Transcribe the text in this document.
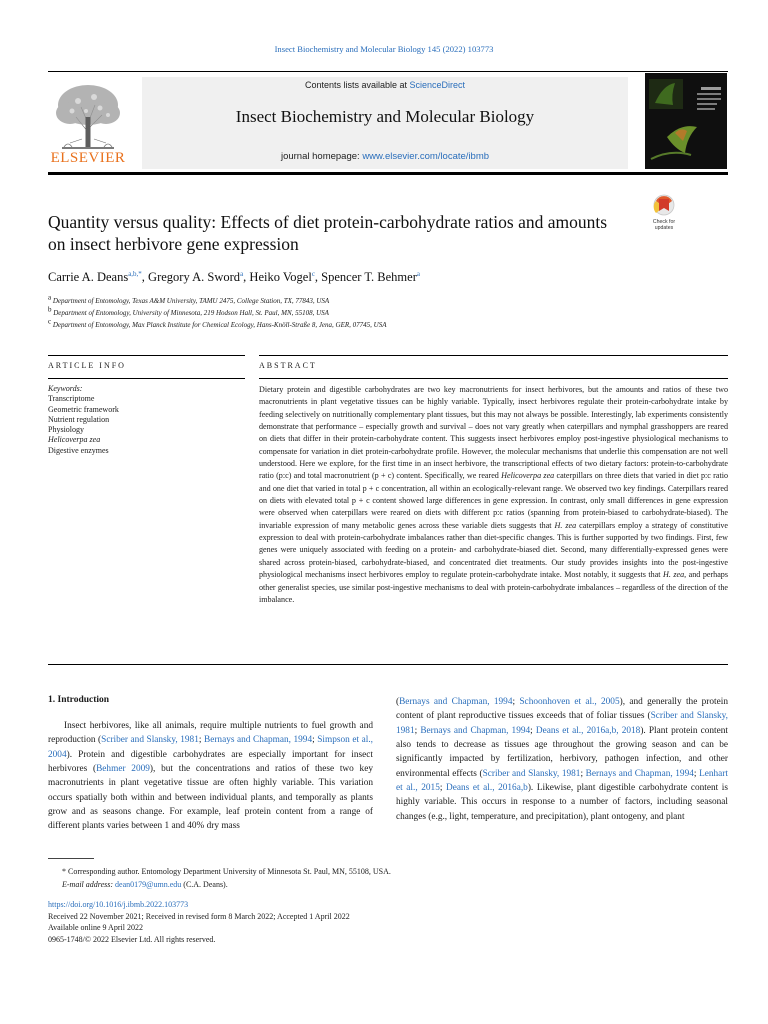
Insect Biochemistry and Molecular Biology 145 (2022) 103773
ELSEVIER
Contents lists available at ScienceDirect
Insect Biochemistry and Molecular Biology
journal homepage: www.elsevier.com/locate/ibmb
Quantity versus quality: Effects of diet protein-carbohydrate ratios and amounts on insect herbivore gene expression
Check for
updates
Carrie A. Deans$^{a,b,*}$, Gregory A. Sword$^a$, Heiko Vogel$^c$, Spencer T. Behmer$^a$
$^a$ Department of Entomology, Texas A&M University, TAMU 2475, College Station, TX, 77843, USA
$^b$ Department of Entomology, University of Minnesota, 219 Hodson Hall, St. Paul, MN, 55108, USA
$^c$ Department of Entomology, Max Planck Institute for Chemical Ecology, Hans-Knöll-Straße 8, Jena, GER, 07745, USA
ARTICLE INFO	ABSTRACT
Keywords:
Transcriptome
Geometric framework
Nutrient regulation
Physiology
Helicoverpa zea
Digestive enzymes
Dietary protein and digestible carbohydrates are two key macronutrients for insect herbivores, but the amounts and ratios of these two macronutrients in plant vegetative tissues can be highly variable. Typically, insect herbivores regulate their protein-carbohydrate intake by feeding selectively on nutritionally complementary plant tissues, but this may not always be possible. Interestingly, lab experiments consistently demonstrate that performance – especially growth and survival – does not vary greatly when caterpillars and nymphal grasshoppers are reared on diets that differ in their protein-carbohydrate content. This suggests insect herbivores employ post-ingestive physiological mechanisms to compensate for variation in diet protein-carbohydrate profile. However, the molecular mechanisms that underlie this compensation are not well understood. Here we explore, for the first time in an insect herbivore, the transcriptional effects of two dietary factors: protein-to-carbohydrate ratio (p:c) and total macronutrient (p + c) content. Specifically, we reared Helicoverpa zea caterpillars on three diets that varied in diet p:c ratio and one diet that varied in total p + c concentration, all within an ecologically-relevant range. We observed two key findings. Caterpillars reared on diets with elevated total p + c content showed large differences in gene expression. In contrast, only small differences in gene expression were observed when caterpillars were reared on diets with different p:c ratios (spanning from protein-biased to carbohydrate-biased). The invariable expression of many metabolic genes across these variable diets suggests that H. zea caterpillars employ a strategy of constitutive expression to deal with protein-carbohydrate imbalances rather than diet-specific changes. This is further supported by two findings. First, few genes were uniquely associated with feeding on a protein- and carbohydrate-biased diet. Second, many differentially-expressed genes were shared across protein-biased, carbohydrate-biased, and concentrated diet treatments. Our study provides insights into the post-ingestive physiological mechanisms insect herbivores employ to regulate protein-carbohydrate intake. Most notably, it suggests that H. zea, and perhaps other generalist species, use similar post-ingestive mechanisms to deal with protein-carbohydrate imbalances – regardless of the direction of the imbalance.
1. Introduction
Insect herbivores, like all animals, require multiple nutrients to fuel growth and reproduction (Scriber and Slansky, 1981; Bernays and Chapman, 1994; Simpson et al., 2004). Protein and digestible carbohydrates are especially important for insect herbivores (Behmer 2009), but the concentrations and ratios of these two key macronutrients in plant vegetative tissue are often highly variable. This variation occurs spatially both within and between individual plants, and temporally as plants grow and as seasons change. For example, leaf protein content from a range of different plants varies between 1 and 40% dry mass
(Bernays and Chapman, 1994; Schoonhoven et al., 2005), and generally the protein content of plant reproductive tissues exceeds that of foliar tissues (Scriber and Slansky, 1981; Bernays and Chapman, 1994; Deans et al., 2016a,b, 2018). Plant protein content also tends to decrease as tissues age throughout the growing season and can be significantly impacted by fertilization, herbivory, pathogen infection, and other environmental effects (Scriber and Slansky, 1981; Bernays and Chapman, 1994; Lenhart et al., 2015; Deans et al., 2016a,b). Likewise, plant digestible carbohydrate content is highly variable. This occurs in response to a number of factors, including seasonal changes (e.g., light, temperature, and precipitation), plant ontogeny, and plant
* Corresponding author. Entomology Department University of Minnesota St. Paul, MN, 55108, USA.
E-mail address: dean0179@umn.edu (C.A. Deans).
https://doi.org/10.1016/j.ibmb.2022.103773
Received 22 November 2021; Received in revised form 8 March 2022; Accepted 1 April 2022
Available online 9 April 2022
0965-1748/© 2022 Elsevier Ltd. All rights reserved.
